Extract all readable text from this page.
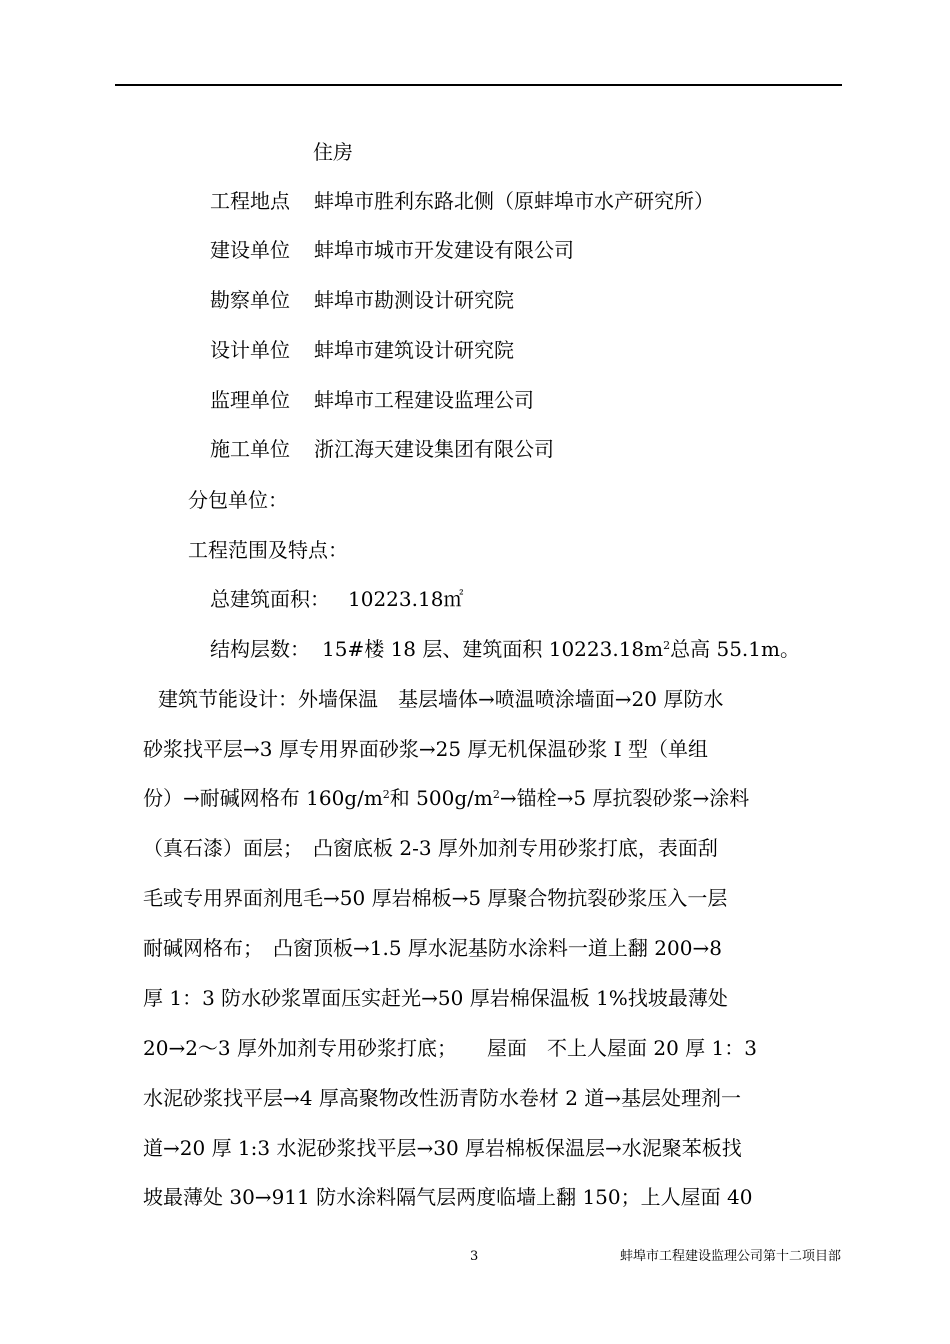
住房
工程地点 蚌埠市胜利东路北侧（原蚌埠市水产研究所）
建设单位 蚌埠市城市开发建设有限公司
勘察单位 蚌埠市勘测设计研究院
设计单位 蚌埠市建筑设计研究院
监理单位 蚌埠市工程建设监理公司
施工单位 浙江海天建设集团有限公司
分包单位：
工程范围及特点：
总建筑面积： 10223.18㎡
结构层数： 15#楼 18 层、建筑面积 $10223.18m^2$总高 55.1m。
建筑节能设计：外墙保温　基层墙体→喷温喷涂墙面→20 厚防水
砂浆找平层→3 厚专用界面砂浆→25 厚无机保温砂浆 I 型（单组
份）→耐碱网格布 $160g/m^2$和 $500g/m^2\to$锚栓→5 厚抗裂砂浆→涂料
（真石漆）面层；　凸窗底板 2-3 厚外加剂专用砂浆打底，表面刮
毛或专用界面剂甩毛→50 厚岩棉板→5 厚聚合物抗裂砂浆压入一层
耐碱网格布；　凸窗顶板→1.5 厚水泥基防水涂料一道上翻 200→8
厚 1：3 防水砂浆罩面压实赶光→50 厚岩棉保温板 1%找坡最薄处
20→2～3 厚外加剂专用砂浆打底；　　屋面　不上人屋面 20 厚 1：3
水泥砂浆找平层→4 厚高聚物改性沥青防水卷材 2 道→基层处理剂一
道→20 厚 1:3 水泥砂浆找平层→30 厚岩棉板保温层→水泥聚苯板找
坡最薄处 30→911 防水涂料隔气层两度临墙上翻 150；上人屋面 40
3	蚌埠市工程建设监理公司第十二项目部
